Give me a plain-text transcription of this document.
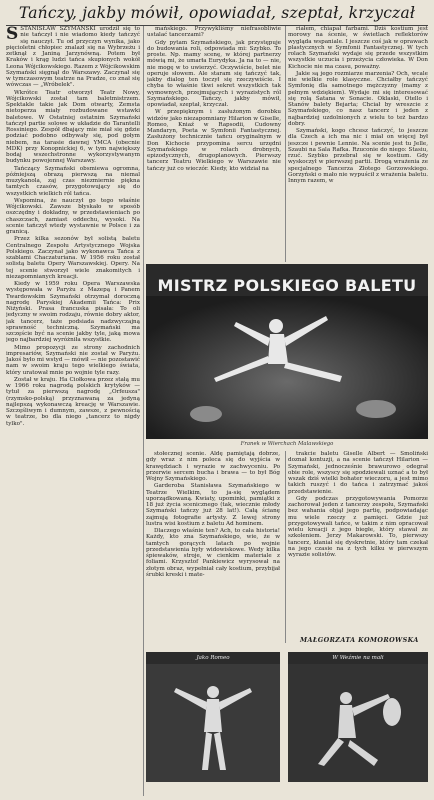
Tańczy, jakby mówił, opowiadał, szeptał, krzyczał

SSTANISŁAW SZYMAŃSKI urodził się to nie tańczył i nie wiadomo kiedy tańczyć się nauczył. Tu od przyczyn wynika, jako pięcioletni chłopiec znalazł się na Wybrzeżu i zetknął z Janiną Jarzynówną. Potem był Kraków i krąg ludzi tańca skupionych wokół Leona Wójcikowskiego. Razem z Wójcikowskim Szymański sięgnął do Warszawy. Zaczynał się w tymczasowym teatrze na Pradze, co znał się wówczas — „Wróbelek".

Wkrótce Teatr otworzył Teatr Nowy, Wójcikowski został tam baletmistrzem. Spektakle takie jak Dom otwarty, Zemsta nietoperza miały rozbudowane wstawki baletowe. W Ostatniej ostatnim Szymański tańczył partie solowe w układzie do Tarantelli Rossiniego. Zespół dbający mie miał się gdzie podziać podobno odbywały się, pod gołym niebem, na tarasie dawnej YMCA (obecnie MDK) przy Konopnickiej 6, w tym największy bodaj wszechstronne wykorzystywanym budynku powojennej Warszawy.

Tańczący Szymański obsmiewa ogromna, późniejszą obrazą pierwszą na niemal muzykanola, zaj czas niezmiernie piękna tamtych czasów, przygotowujący się do wszystkich wielkich ról tańca.

Wspomina, że nauczył go tego właśnie Wójcikowski. Zawsze błyskało w sposób oszczędny i dokładny, w przedstawieniach po chaszczach, zamiast oddechu, wysoki. Na scenie tańczył wtedy wystawnie w Polsce i za granicą.

Przez kilka sezonów był solistą baletu Centralnego Zespołu Artystycznego Wojska Polskiego. Zaczynał jako wykonawca Tańca z szablami Chaczaturiana. W 1956 roku został solistą baletu Opery Warszawskiej. Opery. Na tej scenie stworzył wiele znakomitych i niezapomnianych kreacji.

Kiedy w 1959 roku Opera Warszawska występowała w Paryżu z Mazepą i Panem Twardowskim Szymański otrzymał doroczną nagrodę Paryskiej Akademii Tańca: Prix Niżyński. Prasa francuska pisała: To oli jedyczny w swoim rodzaju, równie dobry aktor, jak tancerz, taże podsiada nadzwyczajną sprawność techniczną. Szymański ma szczęście być na scenie jakby tyle, jaką mowa jego najbardziej wyróżniła wszystkie.

Mimo propozycji ze strony zachodnich impresariów, Szymański nie został w Paryżu. Jakoś było mi wstyd — mówił — nie pozostawić nam w swoim kraju tego wielkiego świata, który uratował mnie po wojnie tyle razy.

Został w kraju. Ha Ciołkowa przez stałą mu w 1966 roku nagrodą polskich krytyków — tytuł za pierwszą nagrodę „Orfeusza" (rzymsko-polską) przyznawaną za jedyną najlepszą wykonawczą kreację w Warszawie. Szczęśliwym i dumnym, zawsze, z pewnością w teatrze, bo dla niego „tancerz to nigdy tylko".

mańskiego. Przywykliśmy niefrasobliwie ustalać tancerzami?

Gdy pytam Szymańskiego, jak przystępuje do budowania roli, odpowiada mi: Szybko. To proste. Np. mamy scenę, w której partnerzy mówią mi, że umarła Eurydyka. Ja na to — nie, nie mogę w to uwierzyć. Oczywiście, belet nie operuje słowem. Ale staram się tańczyć tak, jakby dialog ten toczył się rzeczywiście. I chyba to właśnie tkwi sekret wszystkich tak wymownych, przejmujących i wyrazistych ról Szymańskiego. Tańczy, jakby mówił, opowiadał, szeptał, krzyczał.

W przepięknym i zasłużonym dorobku widzów jako niezapomniany Hilarion w Giselle, Romeo, Kniaź w Rapsodii, Cudowny Mandaryn, Poeta w Symfonii Fantastycznej. Zasłużony technicznie tańcu oryginalnym w Don Kichocie przypomina sercu urzędni Szymańskiego w rolach drobnych, epizodycznych, drugoplanowych. Pierwszy tancerz Teatru Wielkiego w Warszawie nie tańczy już co wieczór. Kiedy, kto widział na

riałem, chiapał farbami. Dziś kostium jest morowy na ścenie, w świetlach reflektorów wygląda wspaniale. I jeszcze coś jak w oprawach plastycznych w Symfonii Fantastycznej. W tych rolach Szymański wydaje się przede wszystkim wszystkie uczucia i przeżycia człowieka. W Don Kichocie nie ma czasu, poważny.

Jakie są jego rozmiarze marzenia? Och, wcale nie wielkie role klasyczne. Chciałby tańczyć Symfonię dla samotnego mężczyzny (mamy z pełnym wdziękiem). Wydaje mi się interesować się rolą Śatana w Sonacie. Oklaski, Otello i Stanów balety Bejarta; Chciał by wreszcie z Szymańskiego, co nasz tancerz i jeden z najbardziej uzdolnionych z wielu to też bardzo dobry.

Szymański, kogo chcesz tańczyć, to jeszcze dla Czech a ich ma nic i miał on więcej był jeszcze i pewnie Lennie. Na scenie jest tu Jelle, Szaubi na Sala Rafka. Rzuconie do niego: Stasiu, rzuć. Szybko przebrał się w kostium. Gdy wyskoczył w pierwszej partii. Drogą wrażenia ze specjalnego Tancerza Złotego Gorzowskiego. Gorzyński o mało nie wypuścił z wrażenia baletu. Innym razem, w

MISTRZ POLSKIEGO BALETU
Franek w Wierchach Malawskiego

stołecznej scenie. Aldę pamiętają dobrze, gdy wraz z nim poleca się do wyjścia w krawędziach i wyrazie w zachwyceniu. Po przerwie sercem bucha i brawa — to był Bóg Wojny Szymańskiego.

Garderoba Stanisława Szymańskiego w Teatrze Wielkim, to ja-się wyglądem uporządkowaną. Kwiaty, upominki, pamiątki z 18 już życia scenicznego (tak, wiecznie młody Szymański tańczy już 28 lat!). Całą ścianę zajmują fotografie artysty. Z lewej strony lustra wisi kostium z baletu Ad hominem.

Dlaczego właśnie ten? Ach, to cała historia! Każdy, kto zna Szymańskiego, wie, że w tamtych gorących latach po wojnie przedstawienia były widowiskowe. Wedy kilka śpiewaków, stroje, w cienkim materiale z foliami. Krzysztof Pankiewicz wyrysował na złotym obraz, wypełniał cały kostium, przybijał śrubki kreski i mate-

trakcie baletu Giselle Albert — Smoliński doznał kontuzji, a na scenie tańczył Hilarion — Szymański, jednocześnie brawurowo odegrał obie role, wszyscy się spodziewali uznać a to był wszak dziś wielki bohater wieczoru, a jest mimo takich ruszyć i do tańca i zatrzymać jakoś przedstawienie.

Gdy podczas przygotowywania Pomorze zachorował jeden z tancerzy zespołu, Szymański bez wahania objął jego partię, podpowiadając mu wiele rzeczy z pamięci. Gdzie już przygotowywali tańce, w takim z nim opracował wielu kreacji z jego biegłe, który stawał ze szkoleniem. Jerzy Makarowski. To, pierwszy tancerz, kłaniał się dyskretnie, który tam czekał na jego czasie na z tych kilku w pierwszym wyrazie solistów.

MAŁGORZATA KOMOROWSKA
Jako Romeo	W Weźmie na mali
